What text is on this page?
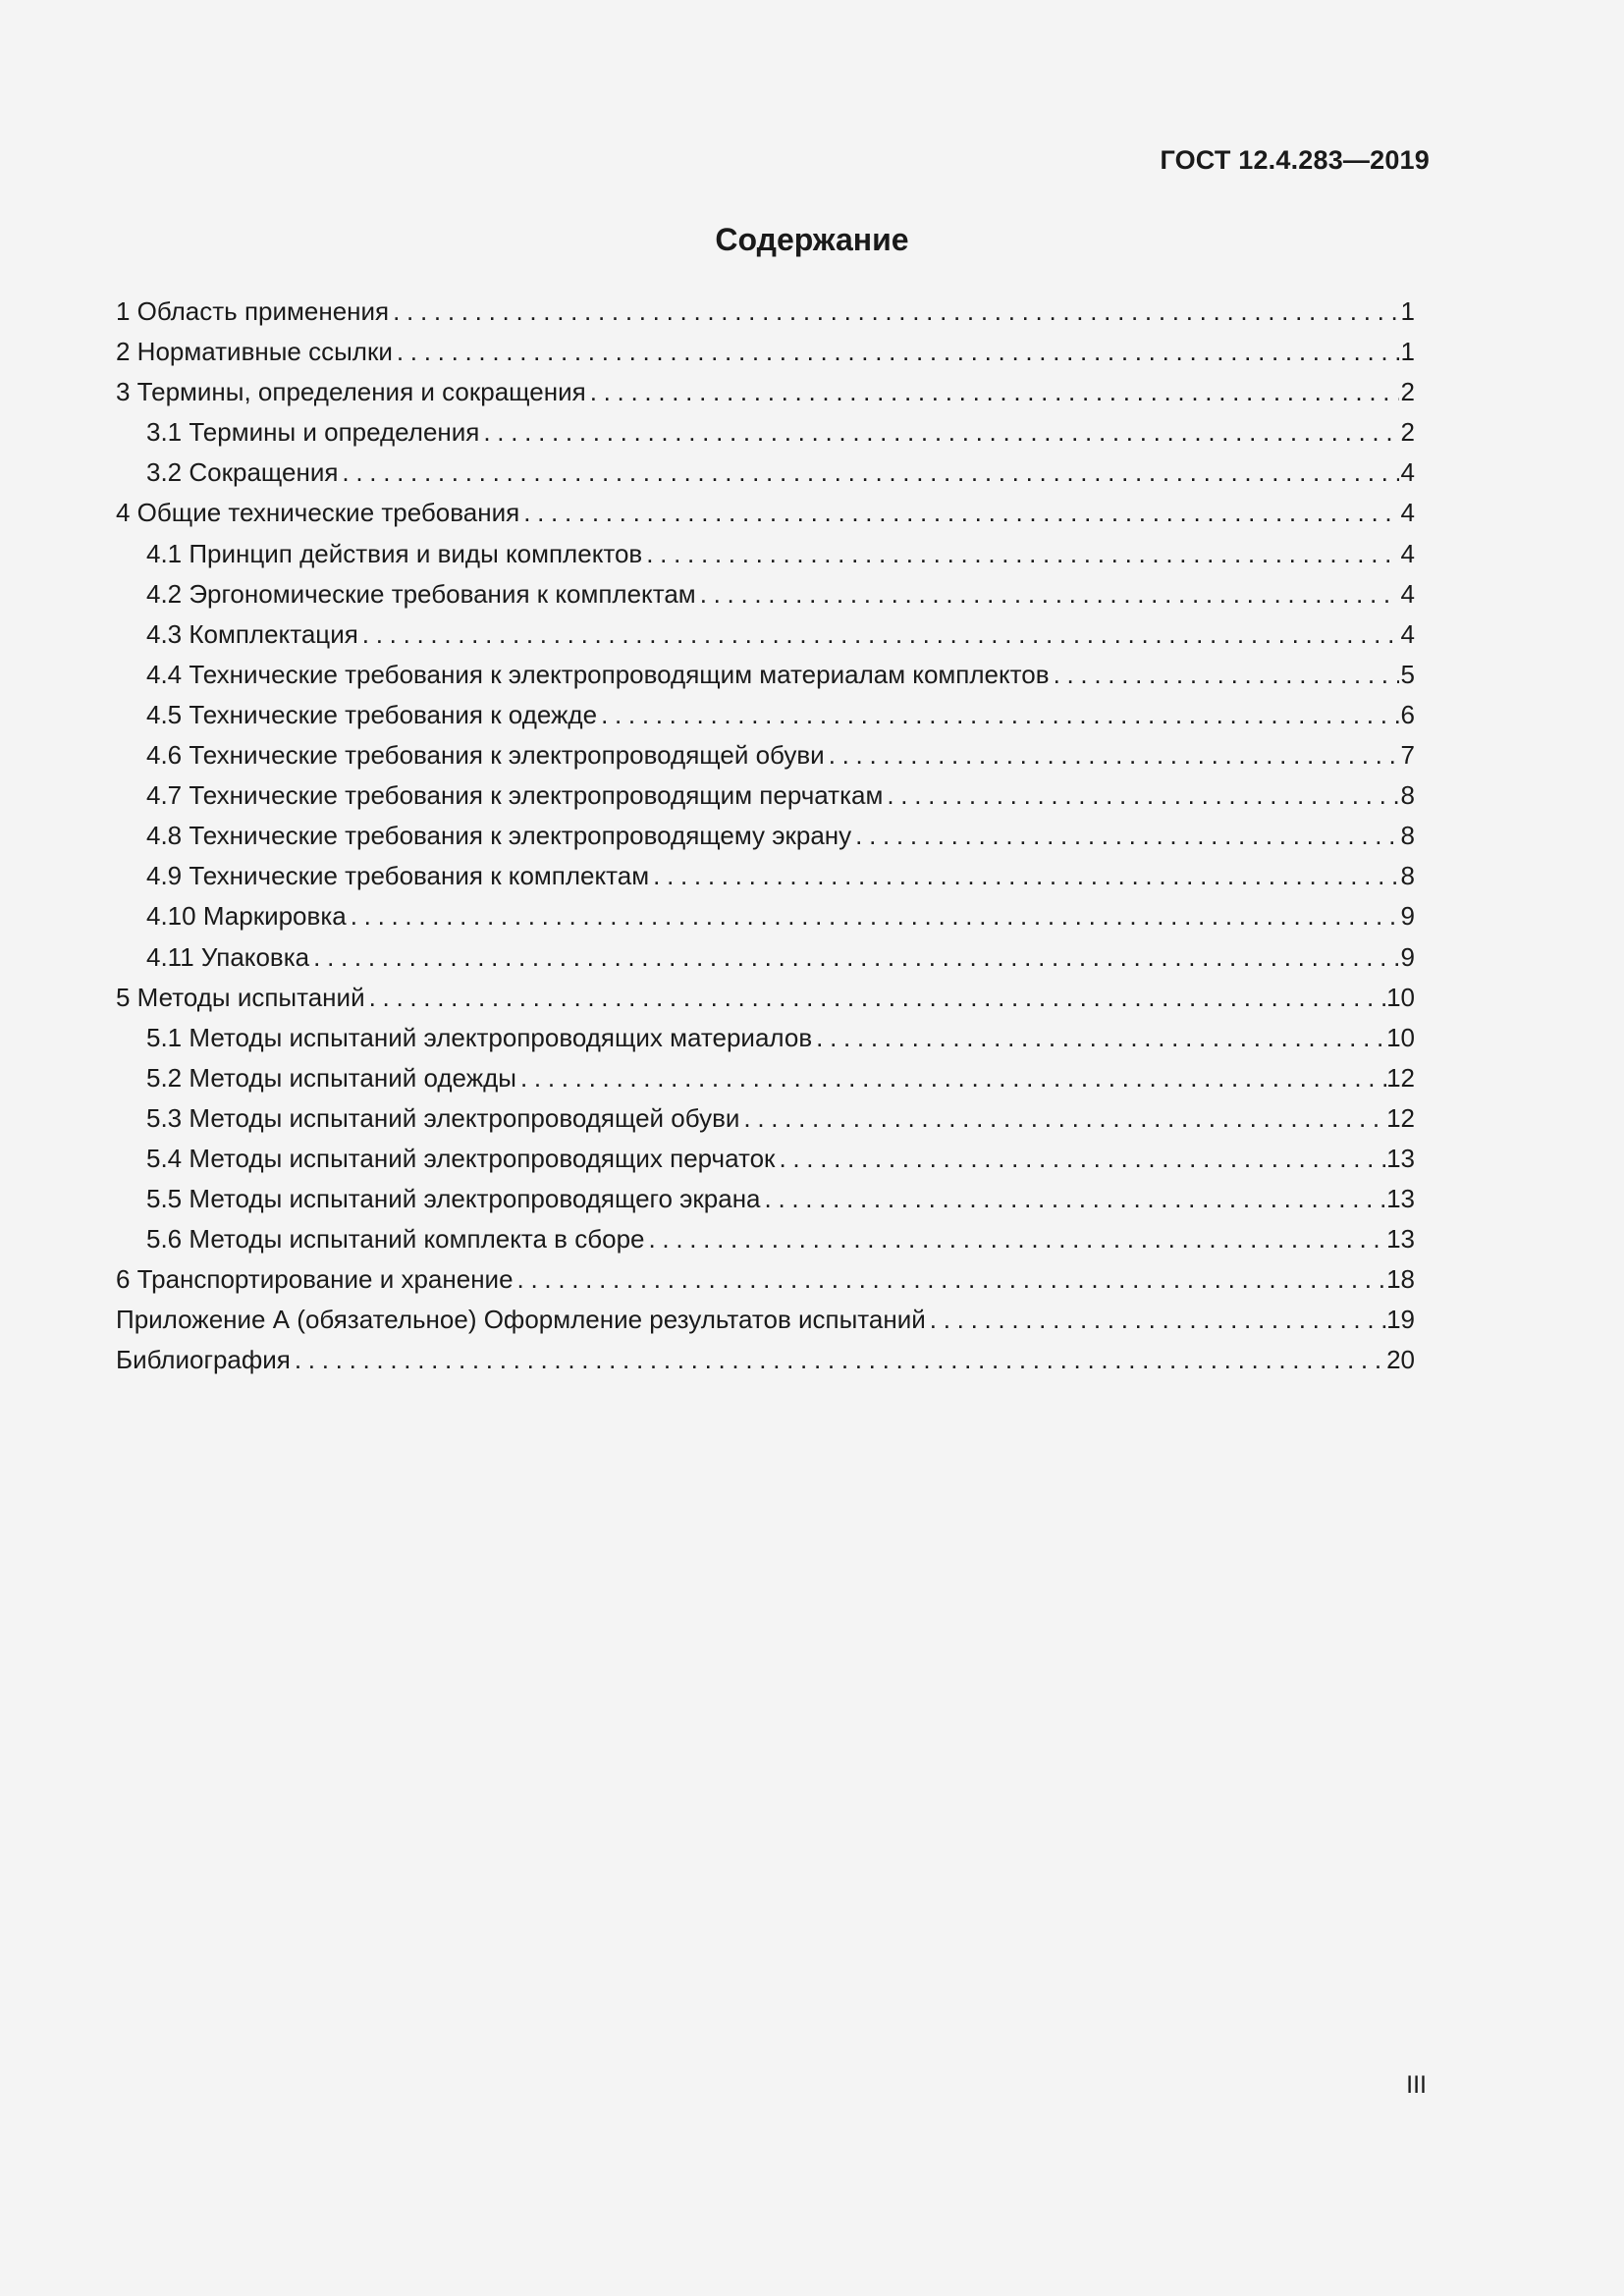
ГОСТ 12.4.283—2019
Содержание
1 Область применения .....	1
2 Нормативные ссылки .....	1
3 Термины, определения и сокращения .....	2
3.1 Термины и определения .....	2
3.2 Сокращения .....	4
4 Общие технические требования .....	4
4.1 Принцип действия и виды комплектов .....	4
4.2 Эргономические требования к комплектам .....	4
4.3 Комплектация .....	4
4.4 Технические требования к электропроводящим материалам комплектов .....	5
4.5 Технические требования к одежде .....	6
4.6 Технические требования к электропроводящей обуви .....	7
4.7 Технические требования к электропроводящим перчаткам .....	8
4.8 Технические требования к электропроводящему экрану .....	8
4.9 Технические требования к комплектам .....	8
4.10 Маркировка .....	9
4.11 Упаковка .....	9
5 Методы испытаний .....	10
5.1 Методы испытаний электропроводящих материалов .....	10
5.2 Методы испытаний одежды .....	12
5.3 Методы испытаний электропроводящей обуви .....	12
5.4 Методы испытаний электропроводящих перчаток .....	13
5.5 Методы испытаний электропроводящего экрана .....	13
5.6 Методы испытаний комплекта в сборе .....	13
6 Транспортирование и хранение .....	18
Приложение А (обязательное) Оформление результатов испытаний .....	19
Библиография .....	20
III
